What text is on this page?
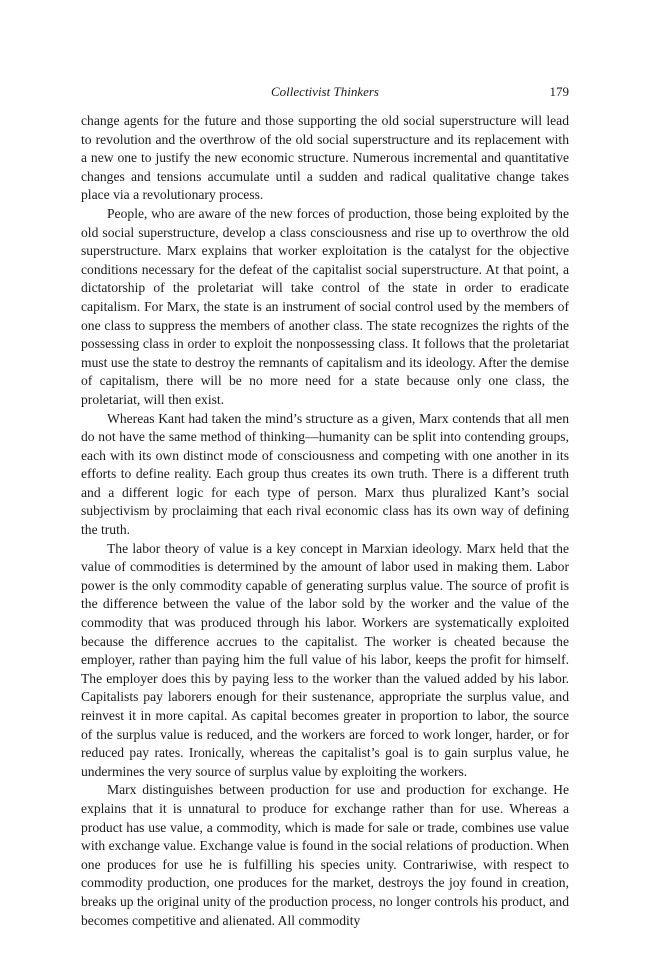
Collectivist Thinkers	179

change agents for the future and those supporting the old social superstructure will lead to revolution and the overthrow of the old social superstructure and its replacement with a new one to justify the new economic structure. Numerous incremental and quantitative changes and tensions accumulate until a sudden and radical qualitative change takes place via a revolutionary process.

People, who are aware of the new forces of production, those being exploited by the old social superstructure, develop a class consciousness and rise up to overthrow the old superstructure. Marx explains that worker exploitation is the catalyst for the objective conditions necessary for the defeat of the capitalist social superstructure. At that point, a dictatorship of the proletariat will take control of the state in order to eradicate capitalism. For Marx, the state is an instrument of social control used by the members of one class to suppress the members of another class. The state recognizes the rights of the possessing class in order to exploit the nonpossessing class. It follows that the proletariat must use the state to destroy the remnants of capitalism and its ideology. After the demise of capitalism, there will be no more need for a state because only one class, the proletariat, will then exist.

Whereas Kant had taken the mind’s structure as a given, Marx contends that all men do not have the same method of thinking—humanity can be split into contending groups, each with its own distinct mode of consciousness and competing with one another in its efforts to define reality. Each group thus creates its own truth. There is a different truth and a different logic for each type of person. Marx thus pluralized Kant’s social subjectivism by proclaiming that each rival economic class has its own way of defining the truth.

The labor theory of value is a key concept in Marxian ideology. Marx held that the value of commodities is determined by the amount of labor used in making them. Labor power is the only commodity capable of generating surplus value. The source of profit is the difference between the value of the labor sold by the worker and the value of the commodity that was produced through his labor. Workers are systematically exploited because the difference accrues to the capitalist. The worker is cheated because the employer, rather than paying him the full value of his labor, keeps the profit for himself. The employer does this by paying less to the worker than the valued added by his labor. Capitalists pay laborers enough for their sustenance, appropriate the surplus value, and reinvest it in more capital. As capital becomes greater in proportion to labor, the source of the surplus value is reduced, and the workers are forced to work longer, harder, or for reduced pay rates. Ironically, whereas the capitalist’s goal is to gain surplus value, he undermines the very source of surplus value by exploiting the workers.

Marx distinguishes between production for use and production for exchange. He explains that it is unnatural to produce for exchange rather than for use. Whereas a product has use value, a commodity, which is made for sale or trade, combines use value with exchange value. Exchange value is found in the social relations of production. When one produces for use he is fulfilling his species unity. Contrariwise, with respect to commodity production, one produces for the market, destroys the joy found in creation, breaks up the original unity of the production process, no longer controls his product, and becomes competitive and alienated. All commodity
